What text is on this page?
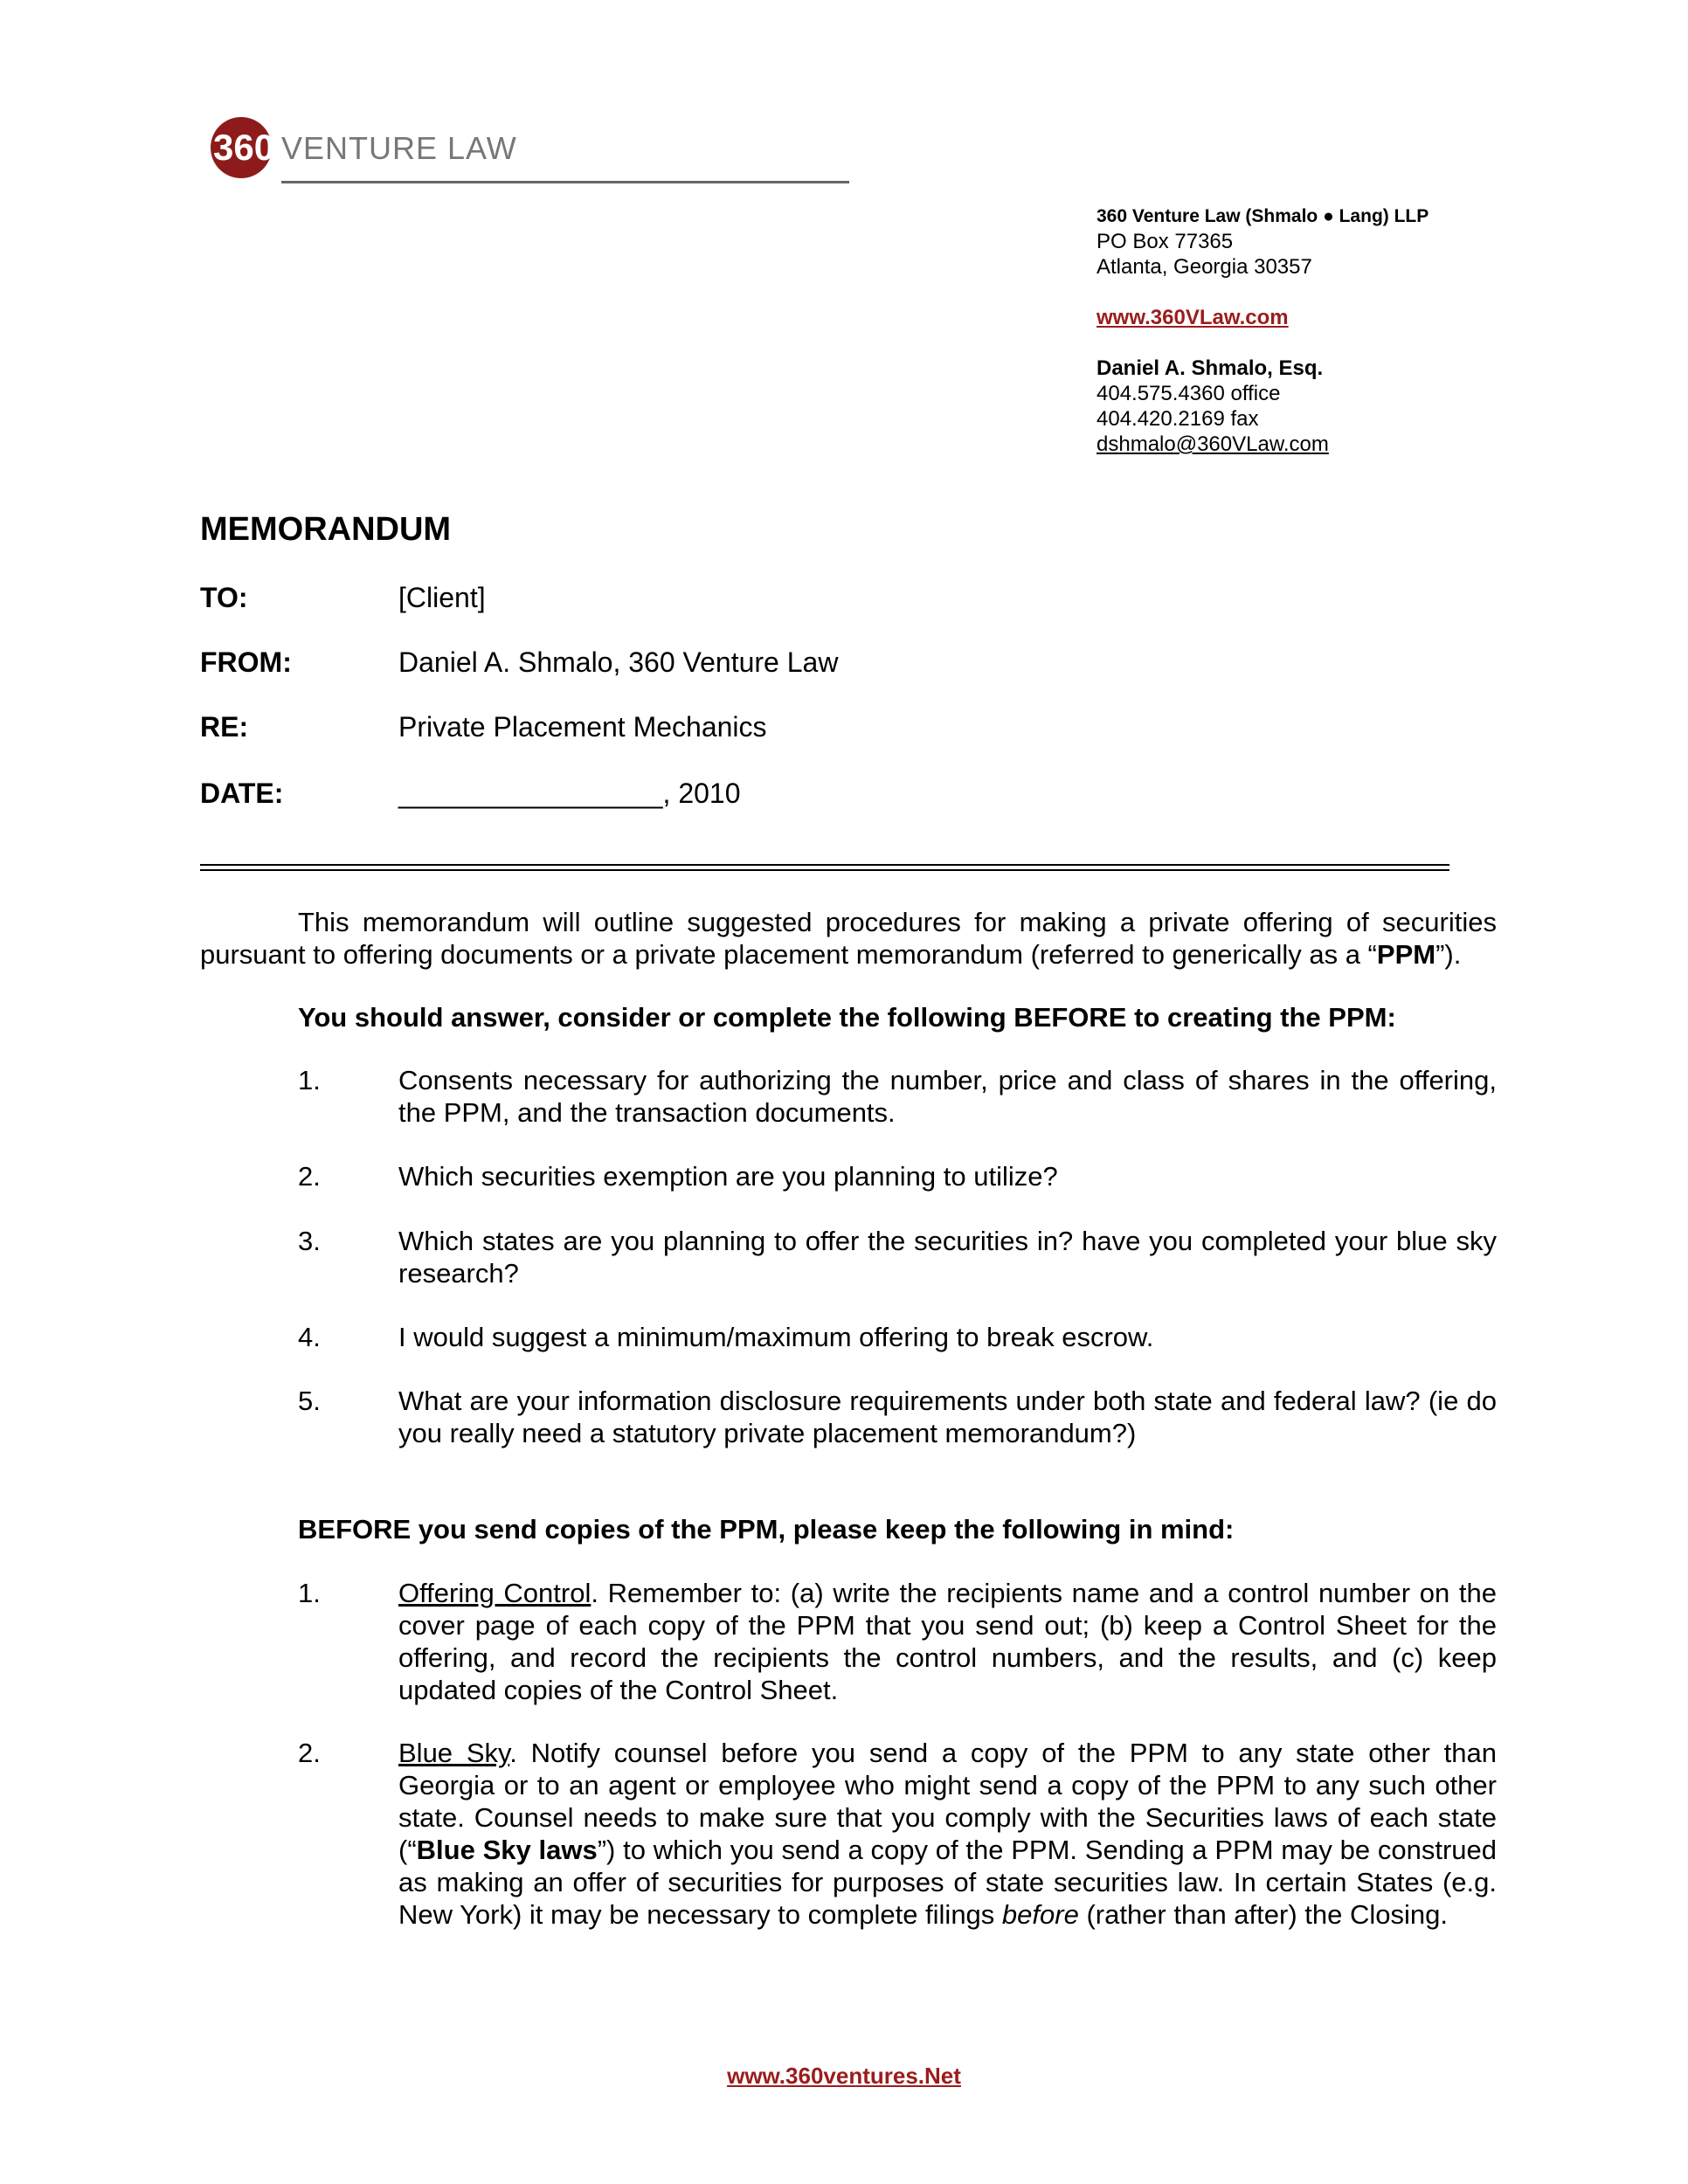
360 VENTURE LAW
360 Venture Law (Shmalo ● Lang) LLP
PO Box 77365
Atlanta, Georgia 30357
www.360VLaw.com
Daniel A. Shmalo, Esq.
404.575.4360 office
404.420.2169 fax
dshmalo@360VLaw.com
MEMORANDUM
TO:	[Client]
FROM:	Daniel A. Shmalo, 360 Venture Law
RE:	Private Placement Mechanics
DATE:	_________________, 2010
This memorandum will outline suggested procedures for making a private offering of securities pursuant to offering documents or a private placement memorandum (referred to generically as a “PPM”).
You should answer, consider or complete the following BEFORE to creating the PPM:
1.	Consents necessary for authorizing the number, price and class of shares in the offering, the PPM, and the transaction documents.
2.	Which securities exemption are you planning to utilize?
3.	Which states are you planning to offer the securities in? have you completed your blue sky research?
4.	I would suggest a minimum/maximum offering to break escrow.
5.	What are your information disclosure requirements under both state and federal law? (ie do you really need a statutory private placement memorandum?)
BEFORE you send copies of the PPM, please keep the following in mind:
1.	Offering Control. Remember to: (a) write the recipients name and a control number on the cover page of each copy of the PPM that you send out; (b) keep a Control Sheet for the offering, and record the recipients the control numbers, and the results, and (c) keep updated copies of the Control Sheet.
2.	Blue Sky. Notify counsel before you send a copy of the PPM to any state other than Georgia or to an agent or employee who might send a copy of the PPM to any such other state. Counsel needs to make sure that you comply with the Securities laws of each state (“Blue Sky laws”) to which you send a copy of the PPM. Sending a PPM may be construed as making an offer of securities for purposes of state securities law. In certain States (e.g. New York) it may be necessary to complete filings before (rather than after) the Closing.
www.360ventures.Net
